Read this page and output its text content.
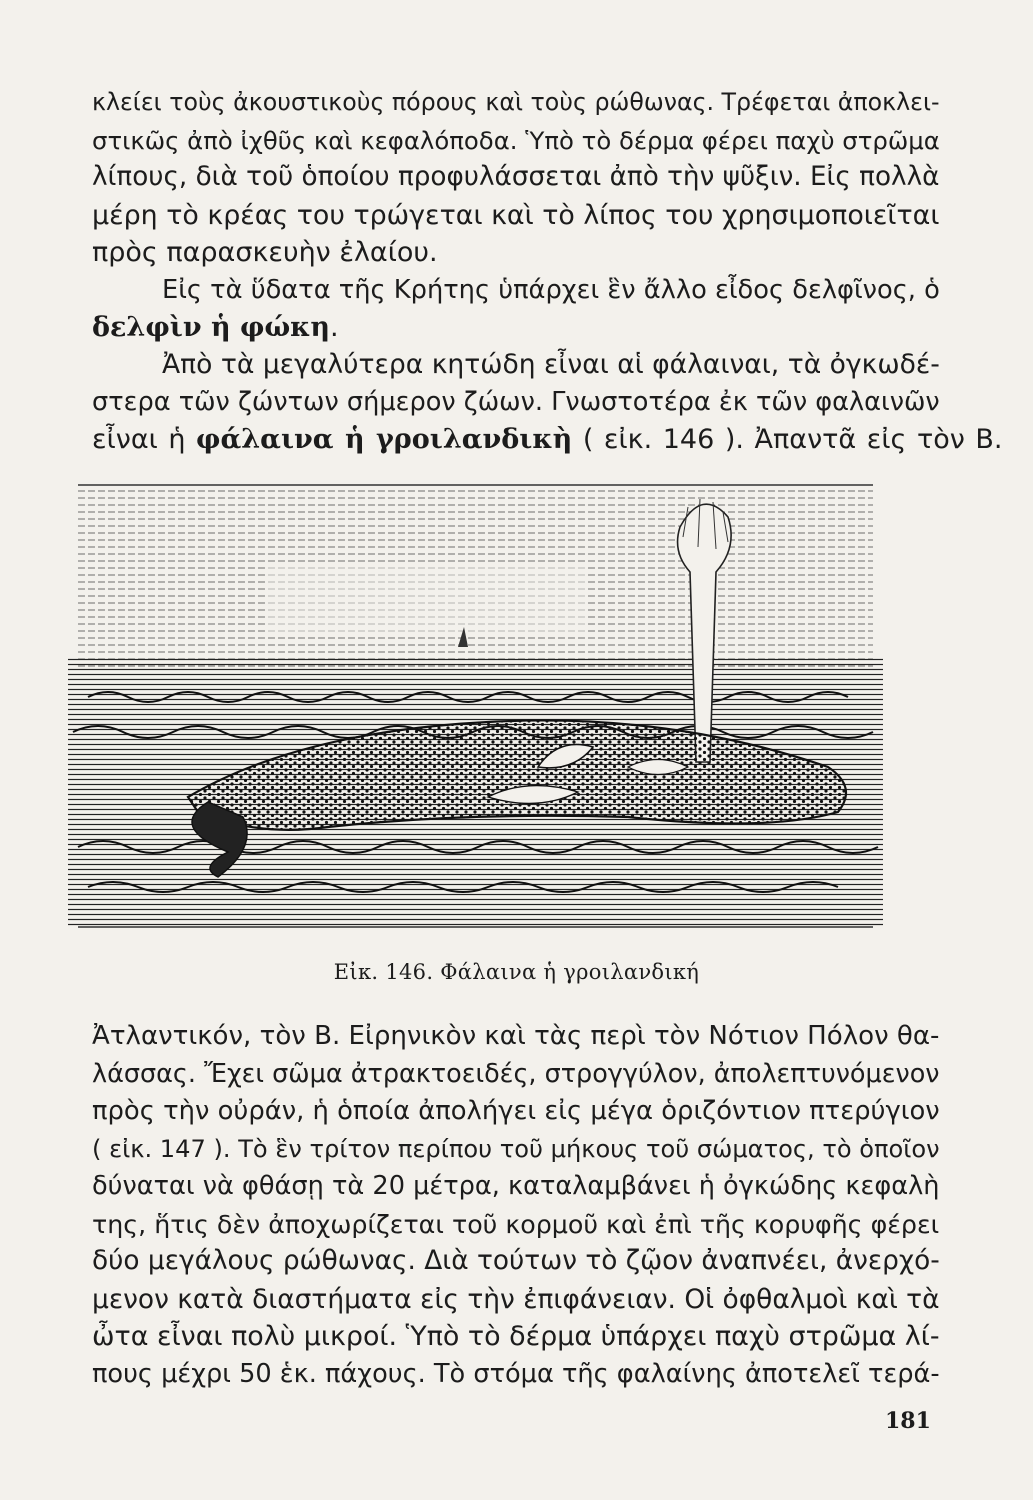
κλείει τοὺς ἀκουστικοὺς πόρους καὶ τοὺς ρώθωνας. Τρέφεται ἀποκλει-
στικῶς ἀπὸ ἰχθῦς καὶ κεφαλόποδα. Ὑπὸ τὸ δέρμα φέρει παχὺ στρῶμα
λίπους, διὰ τοῦ ὁποίου προφυλάσσεται ἀπὸ τὴν ψῦξιν. Εἰς πολλὰ
μέρη τὸ κρέας του τρώγεται καὶ τὸ λίπος του χρησιμοποιεῖται
πρὸς παρασκευὴν ἐλαίου.
Εἰς τὰ ὕδατα τῆς Κρήτης ὑπάρχει ἓν ἄλλο εἶδος δελφῖνος, ὁ
δελφὶν ἡ φώκη.
Ἀπὸ τὰ μεγαλύτερα κητώδη εἶναι αἱ φάλαιναι, τὰ ὀγκωδέ-
στερα τῶν ζώντων σήμερον ζώων. Γνωστοτέρα ἐκ τῶν φαλαινῶν
εἶναι ἡ φάλαινα ἡ γροιλανδικὴ ( εἰκ. 146 ). Ἀπαντᾶ εἰς τὸν Β.
Εἰκ. 146. Φάλαινα ἡ γροιλανδική
Ἀτλαντικόν, τὸν Β. Εἰρηνικὸν καὶ τὰς περὶ τὸν Νότιον Πόλον θα-
λάσσας. Ἔχει σῶμα ἀτρακτοειδές, στρογγύλον, ἀπολεπτυνόμενον
πρὸς τὴν οὐράν, ἡ ὁποία ἀπολήγει εἰς μέγα ὁριζόντιον πτερύγιον
( εἰκ. 147 ). Τὸ ἓν τρίτον περίπου τοῦ μήκους τοῦ σώματος, τὸ ὁποῖον
δύναται νὰ φθάσῃ τὰ 20 μέτρα, καταλαμβάνει ἡ ὀγκώδης κεφαλὴ
της, ἥτις δὲν ἀποχωρίζεται τοῦ κορμοῦ καὶ ἐπὶ τῆς κορυφῆς φέρει
δύο μεγάλους ρώθωνας. Διὰ τούτων τὸ ζῷον ἀναπνέει, ἀνερχό-
μενον κατὰ διαστήματα εἰς τὴν ἐπιφάνειαν. Οἱ ὀφθαλμοὶ καὶ τὰ
ὦτα εἶναι πολὺ μικροί. Ὑπὸ τὸ δέρμα ὑπάρχει παχὺ στρῶμα λί-
πους μέχρι 50 ἑκ. πάχους. Τὸ στόμα τῆς φαλαίνης ἀποτελεῖ τερά-
181
